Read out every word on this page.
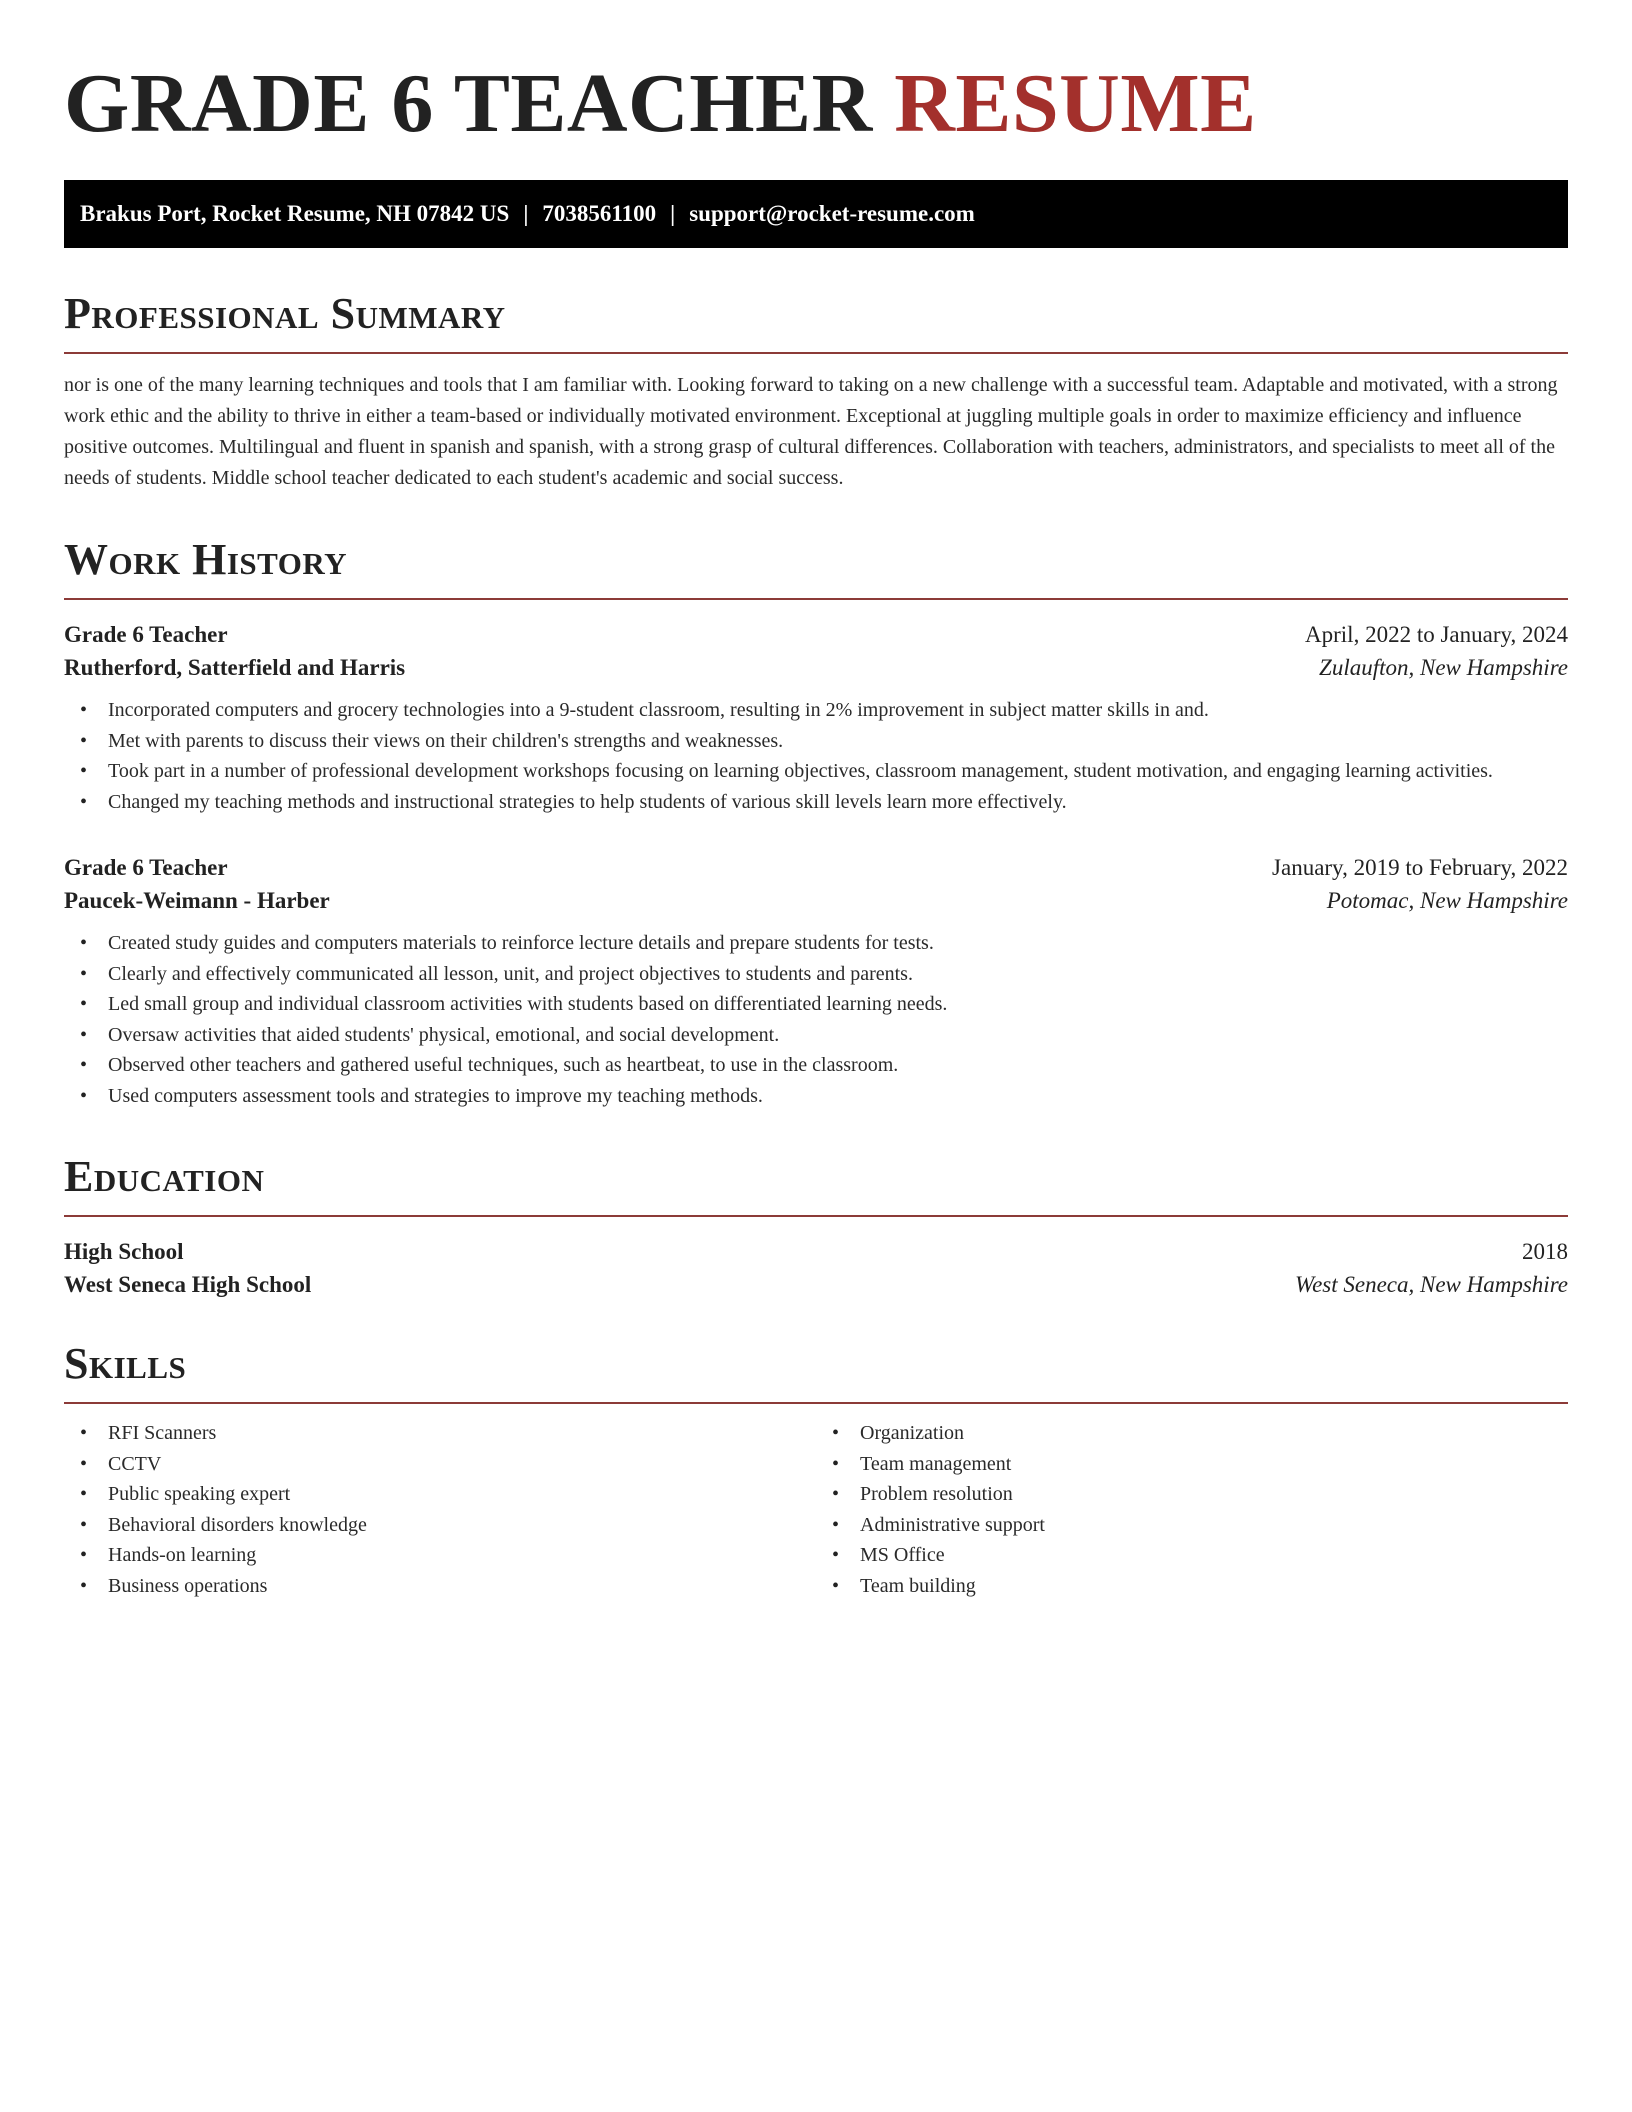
GRADE 6 TEACHER RESUME
Brakus Port, Rocket Resume, NH 07842 US | 7038561100 | support@rocket-resume.com
Professional Summary

nor is one of the many learning techniques and tools that I am familiar with. Looking forward to taking on a new challenge with a successful team. Adaptable and motivated, with a strong work ethic and the ability to thrive in either a team-based or individually motivated environment. Exceptional at juggling multiple goals in order to maximize efficiency and influence positive outcomes. Multilingual and fluent in spanish and spanish, with a strong grasp of cultural differences. Collaboration with teachers, administrators, and specialists to meet all of the needs of students. Middle school teacher dedicated to each student's academic and social success.

Work History
Grade 6 Teacher	April, 2022 to January, 2024
Rutherford, Satterfield and Harris	Zulaufton, New Hampshire
• Incorporated computers and grocery technologies into a 9-student classroom, resulting in 2% improvement in subject matter skills in and.
• Met with parents to discuss their views on their children's strengths and weaknesses.
• Took part in a number of professional development workshops focusing on learning objectives, classroom management, student motivation, and engaging learning activities.
• Changed my teaching methods and instructional strategies to help students of various skill levels learn more effectively.
Grade 6 Teacher	January, 2019 to February, 2022
Paucek-Weimann - Harber	Potomac, New Hampshire
• Created study guides and computers materials to reinforce lecture details and prepare students for tests.
• Clearly and effectively communicated all lesson, unit, and project objectives to students and parents.
• Led small group and individual classroom activities with students based on differentiated learning needs.
• Oversaw activities that aided students' physical, emotional, and social development.
• Observed other teachers and gathered useful techniques, such as heartbeat, to use in the classroom.
• Used computers assessment tools and strategies to improve my teaching methods.
Education
High School	2018
West Seneca High School	West Seneca, New Hampshire
Skills
• RFI Scanners
• CCTV
• Public speaking expert
• Behavioral disorders knowledge
• Hands-on learning
• Business operations
• Organization
• Team management
• Problem resolution
• Administrative support
• MS Office
• Team building
